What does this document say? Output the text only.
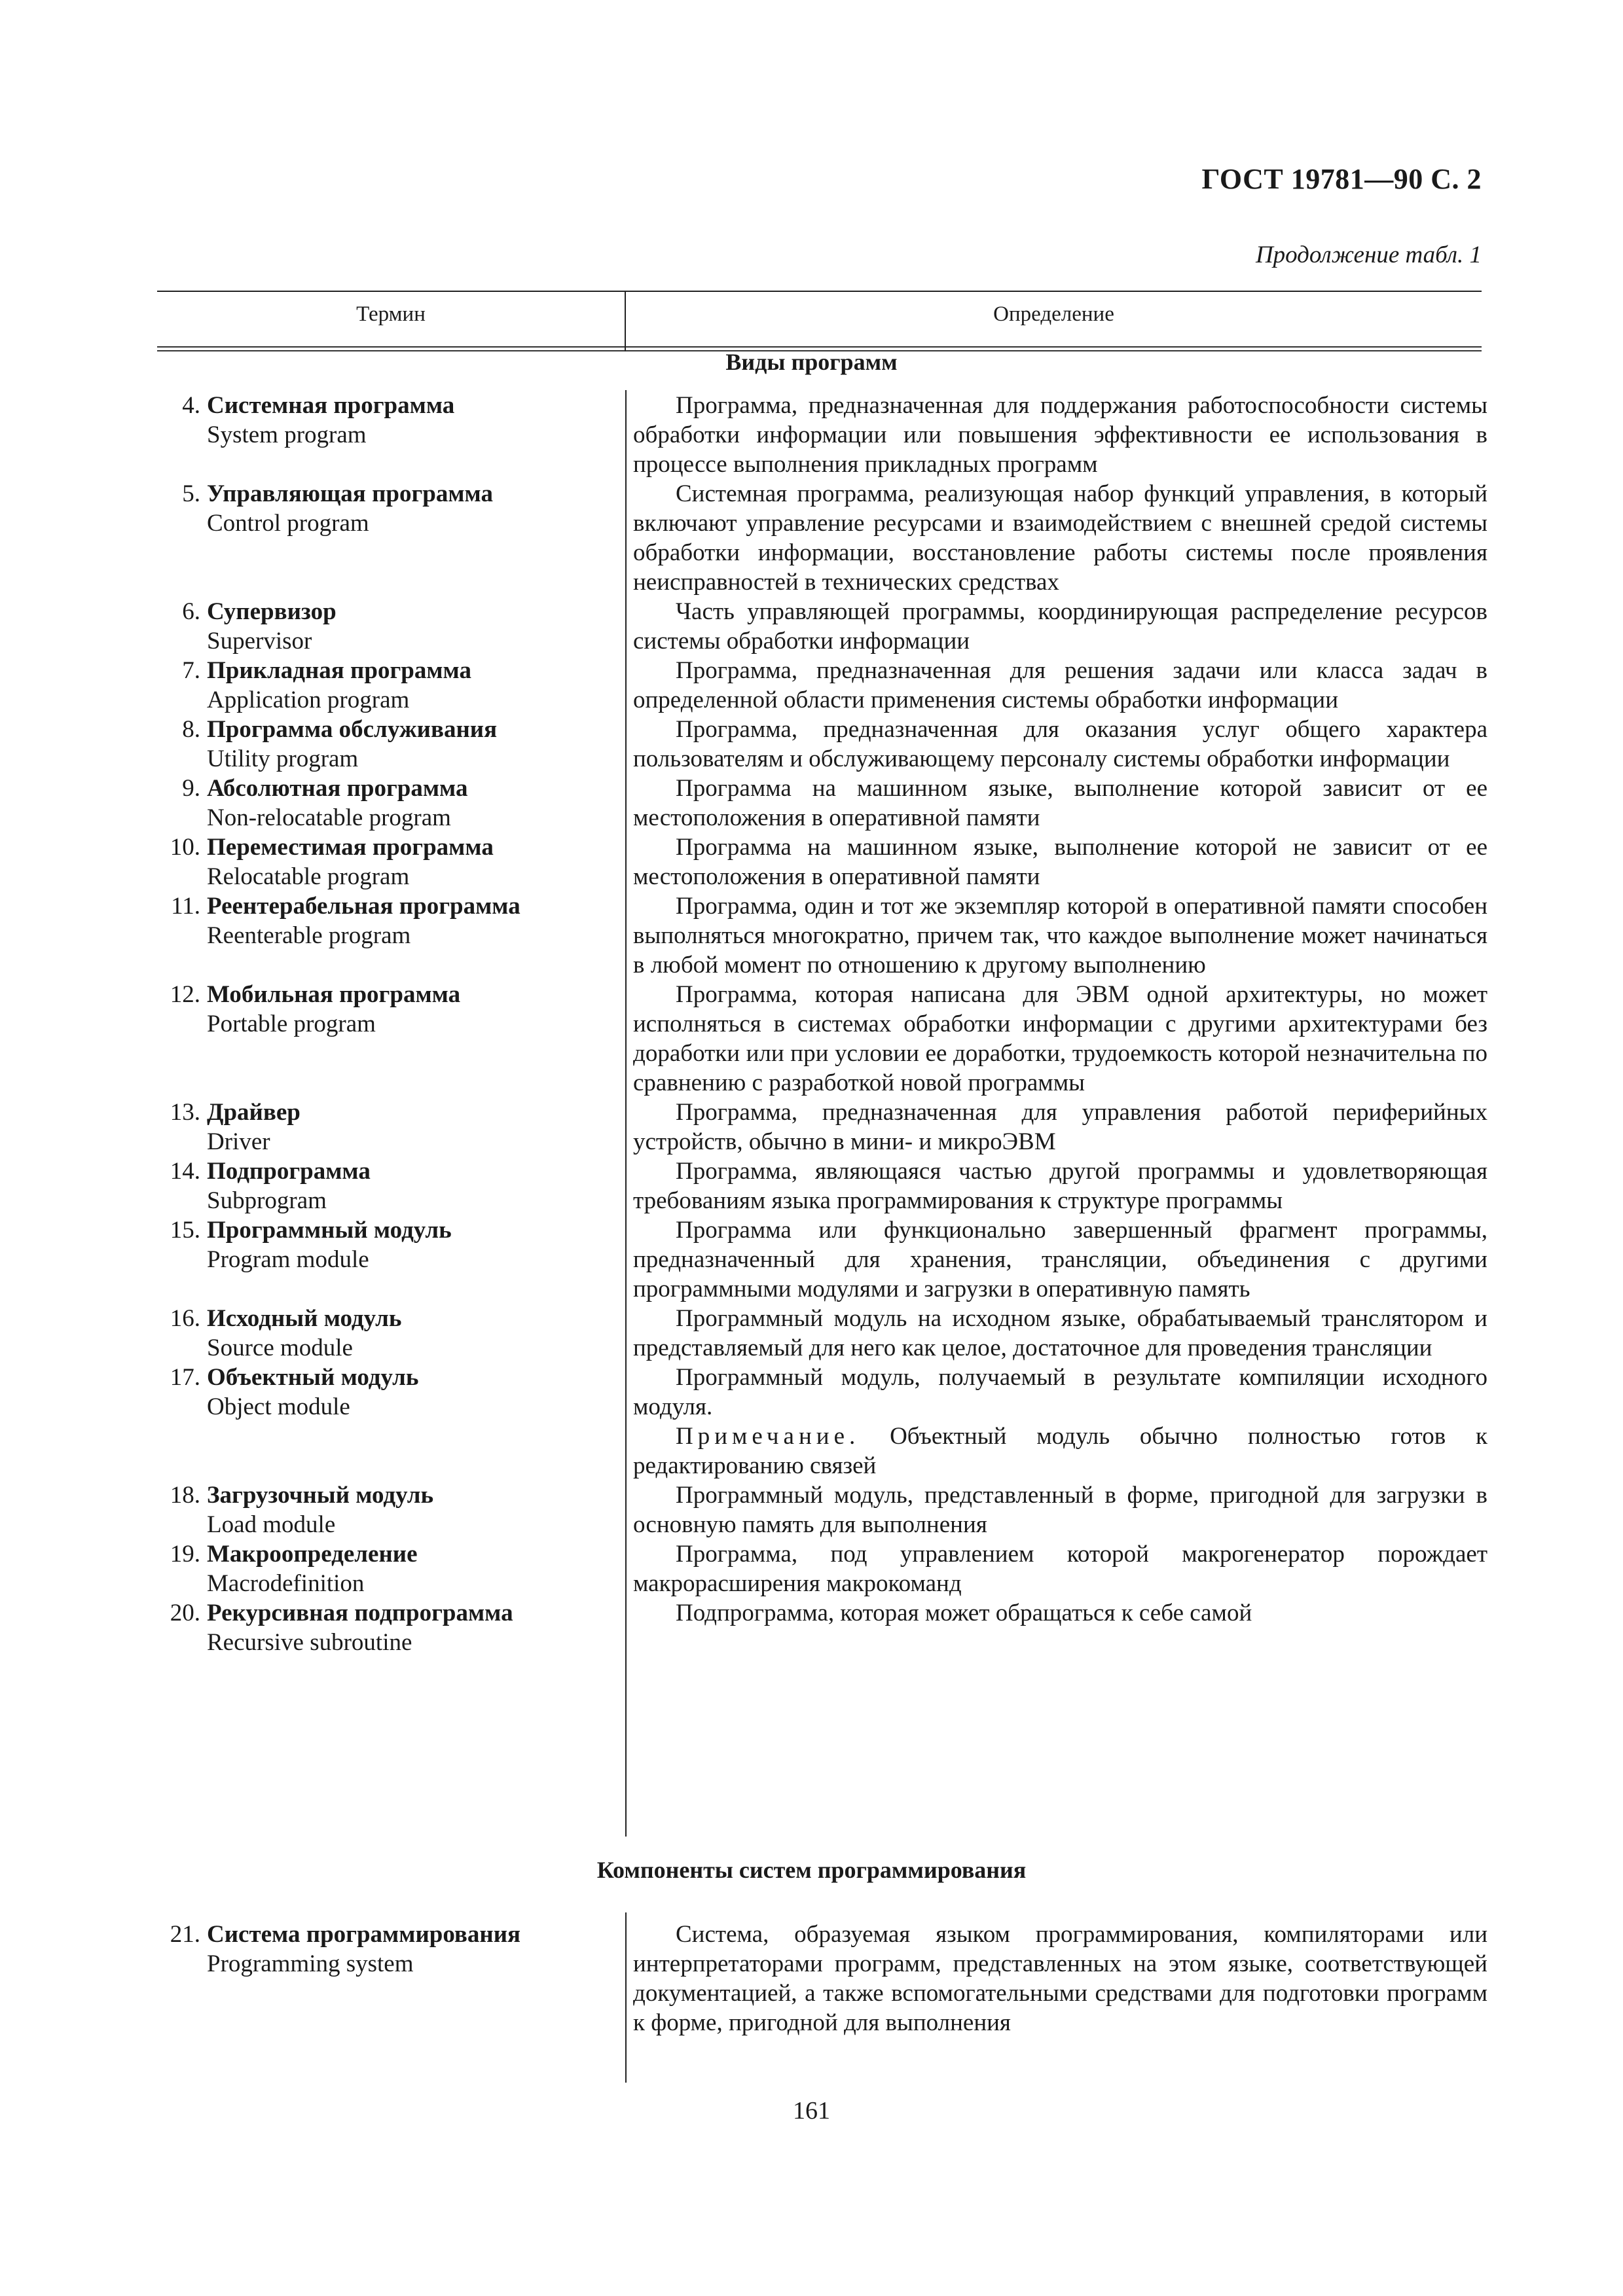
ГОСТ 19781—90 С. 2
Продолжение табл. 1
Термин	Определение
Виды программ
4. Системная программа
System program
Программа, предназначенная для поддержания работоспособности системы обработки информации или повышения эффективности ее использования в процессе выполнения прикладных программ
5. Управляющая программа
Control program
Системная программа, реализующая набор функций управления, в который включают управление ресурсами и взаимодействием с внешней средой системы обработки информации, восстановление работы системы после проявления неисправностей в технических средствах
6. Супервизор
Supervisor
Часть управляющей программы, координирующая распределение ресурсов системы обработки информации
7. Прикладная программа
Application program
Программа, предназначенная для решения задачи или класса задач в определенной области применения системы обработки информации
8. Программа обслуживания
Utility program
Программа, предназначенная для оказания услуг общего характера пользователям и обслуживающему персоналу системы обработки информации
9. Абсолютная программа
Non-relocatable program
Программа на машинном языке, выполнение которой зависит от ее местоположения в оперативной памяти
10. Переместимая программа
Relocatable program
Программа на машинном языке, выполнение которой не зависит от ее местоположения в оперативной памяти
11. Реентерабельная программа
Reenterable program
Программа, один и тот же экземпляр которой в оперативной памяти способен выполняться многократно, причем так, что каждое выполнение может начинаться в любой момент по отношению к другому выполнению
12. Мобильная программа
Portable program
Программа, которая написана для ЭВМ одной архитектуры, но может исполняться в системах обработки информации с другими архитектурами без доработки или при условии ее доработки, трудоемкость которой незначительна по сравнению с разработкой новой программы
13. Драйвер
Driver
Программа, предназначенная для управления работой периферийных устройств, обычно в мини- и микроЭВМ
14. Подпрограмма
Subprogram
Программа, являющаяся частью другой программы и удовлетворяющая требованиям языка программирования к структуре программы
15. Программный модуль
Program module
Программа или функционально завершенный фрагмент программы, предназначенный для хранения, трансляции, объединения с другими программными модулями и загрузки в оперативную память
16. Исходный модуль
Source module
Программный модуль на исходном языке, обрабатываемый транслятором и представляемый для него как целое, достаточное для проведения трансляции
17. Объектный модуль
Object module
Программный модуль, получаемый в результате компиляции исходного модуля.
Примечание. Объектный модуль обычно полностью готов к редактированию связей
18. Загрузочный модуль
Load module
Программный модуль, представленный в форме, пригодной для загрузки в основную память для выполнения
19. Макроопределение
Macrodefinition
Программа, под управлением которой макрогенератор порождает макрорасширения макрокоманд
20. Рекурсивная подпрограмма
Recursive subroutine
Подпрограмма, которая может обращаться к себе самой
Компоненты систем программирования
21. Система программирования
Programming system
Система, образуемая языком программирования, компиляторами или интерпретаторами программ, представленных на этом языке, соответствующей документацией, а также вспомогательными средствами для подготовки программ к форме, пригодной для выполнения
161
